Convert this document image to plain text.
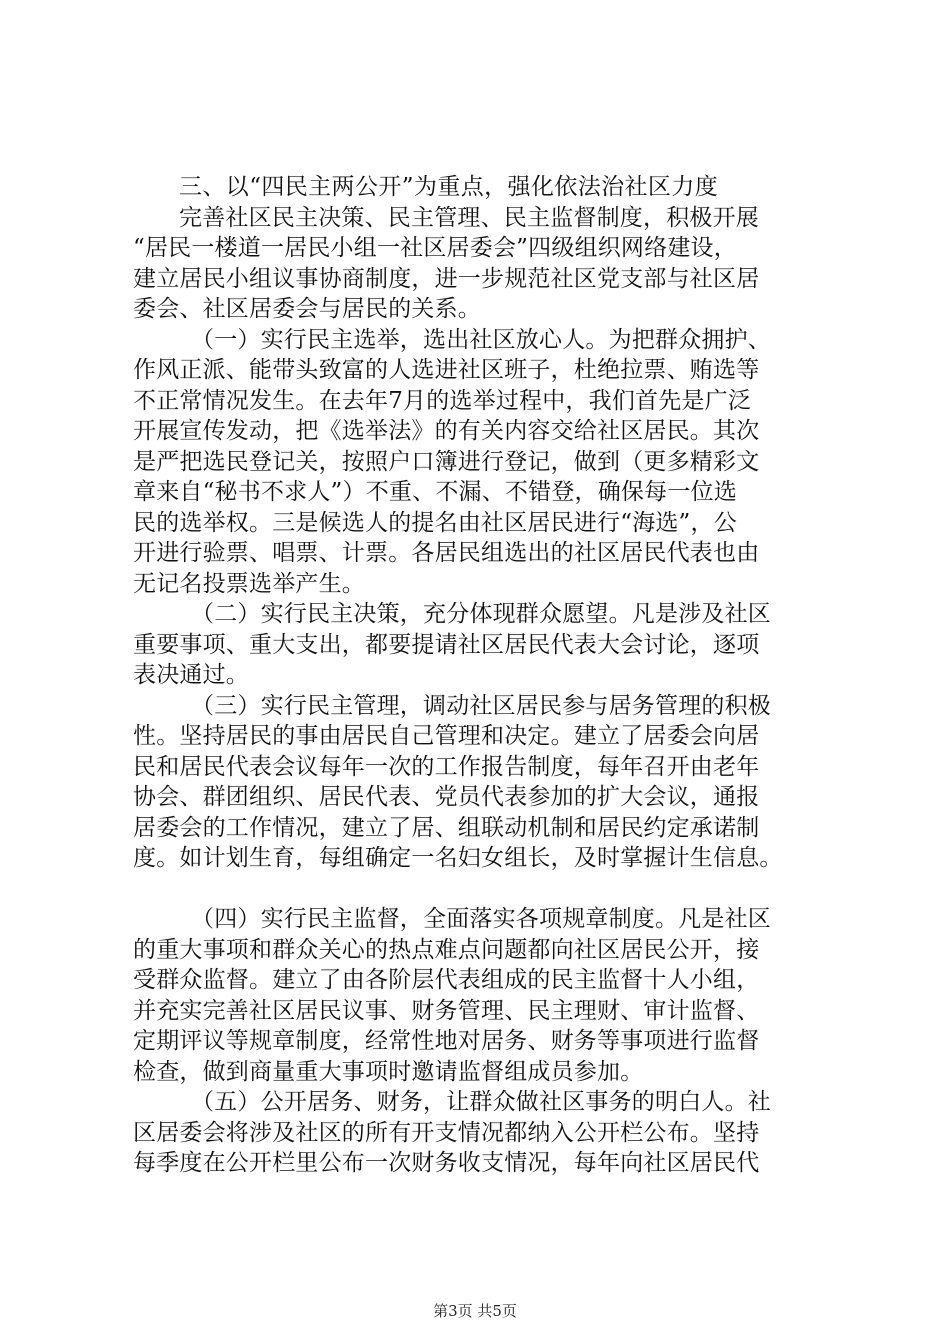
三、以“四民主两公开”为重点，强化依法治社区力度
完善社区民主决策、民主管理、民主监督制度，积极开展
“居民一楼道一居民小组一社区居委会”四级组织网络建设，
建立居民小组议事协商制度，进一步规范社区党支部与社区居
委会、社区居委会与居民的关系。
（一）实行民主选举，选出社区放心人。为把群众拥护、
作风正派、能带头致富的人选进社区班子，杜绝拉票、贿选等
不正常情况发生。在去年7月的选举过程中，我们首先是广泛
开展宣传发动，把《选举法》的有关内容交给社区居民。其次
是严把选民登记关，按照户口簿进行登记，做到（更多精彩文
章来自“秘书不求人”）不重、不漏、不错登，确保每一位选
民的选举权。三是候选人的提名由社区居民进行“海选”，公
开进行验票、唱票、计票。各居民组选出的社区居民代表也由
无记名投票选举产生。
（二）实行民主决策，充分体现群众愿望。凡是涉及社区
重要事项、重大支出，都要提请社区居民代表大会讨论，逐项
表决通过。
（三）实行民主管理，调动社区居民参与居务管理的积极
性。坚持居民的事由居民自己管理和决定。建立了居委会向居
民和居民代表会议每年一次的工作报告制度，每年召开由老年
协会、群团组织、居民代表、党员代表参加的扩大会议，通报
居委会的工作情况，建立了居、组联动机制和居民约定承诺制
度。如计划生育，每组确定一名妇女组长，及时掌握计生信息。
（四）实行民主监督，全面落实各项规章制度。凡是社区
的重大事项和群众关心的热点难点问题都向社区居民公开，接
受群众监督。建立了由各阶层代表组成的民主监督十人小组，
并充实完善社区居民议事、财务管理、民主理财、审计监督、
定期评议等规章制度，经常性地对居务、财务等事项进行监督
检查，做到商量重大事项时邀请监督组成员参加。
（五）公开居务、财务，让群众做社区事务的明白人。社
区居委会将涉及社区的所有开支情况都纳入公开栏公布。坚持
每季度在公开栏里公布一次财务收支情况，每年向社区居民代
第3页 共5页
